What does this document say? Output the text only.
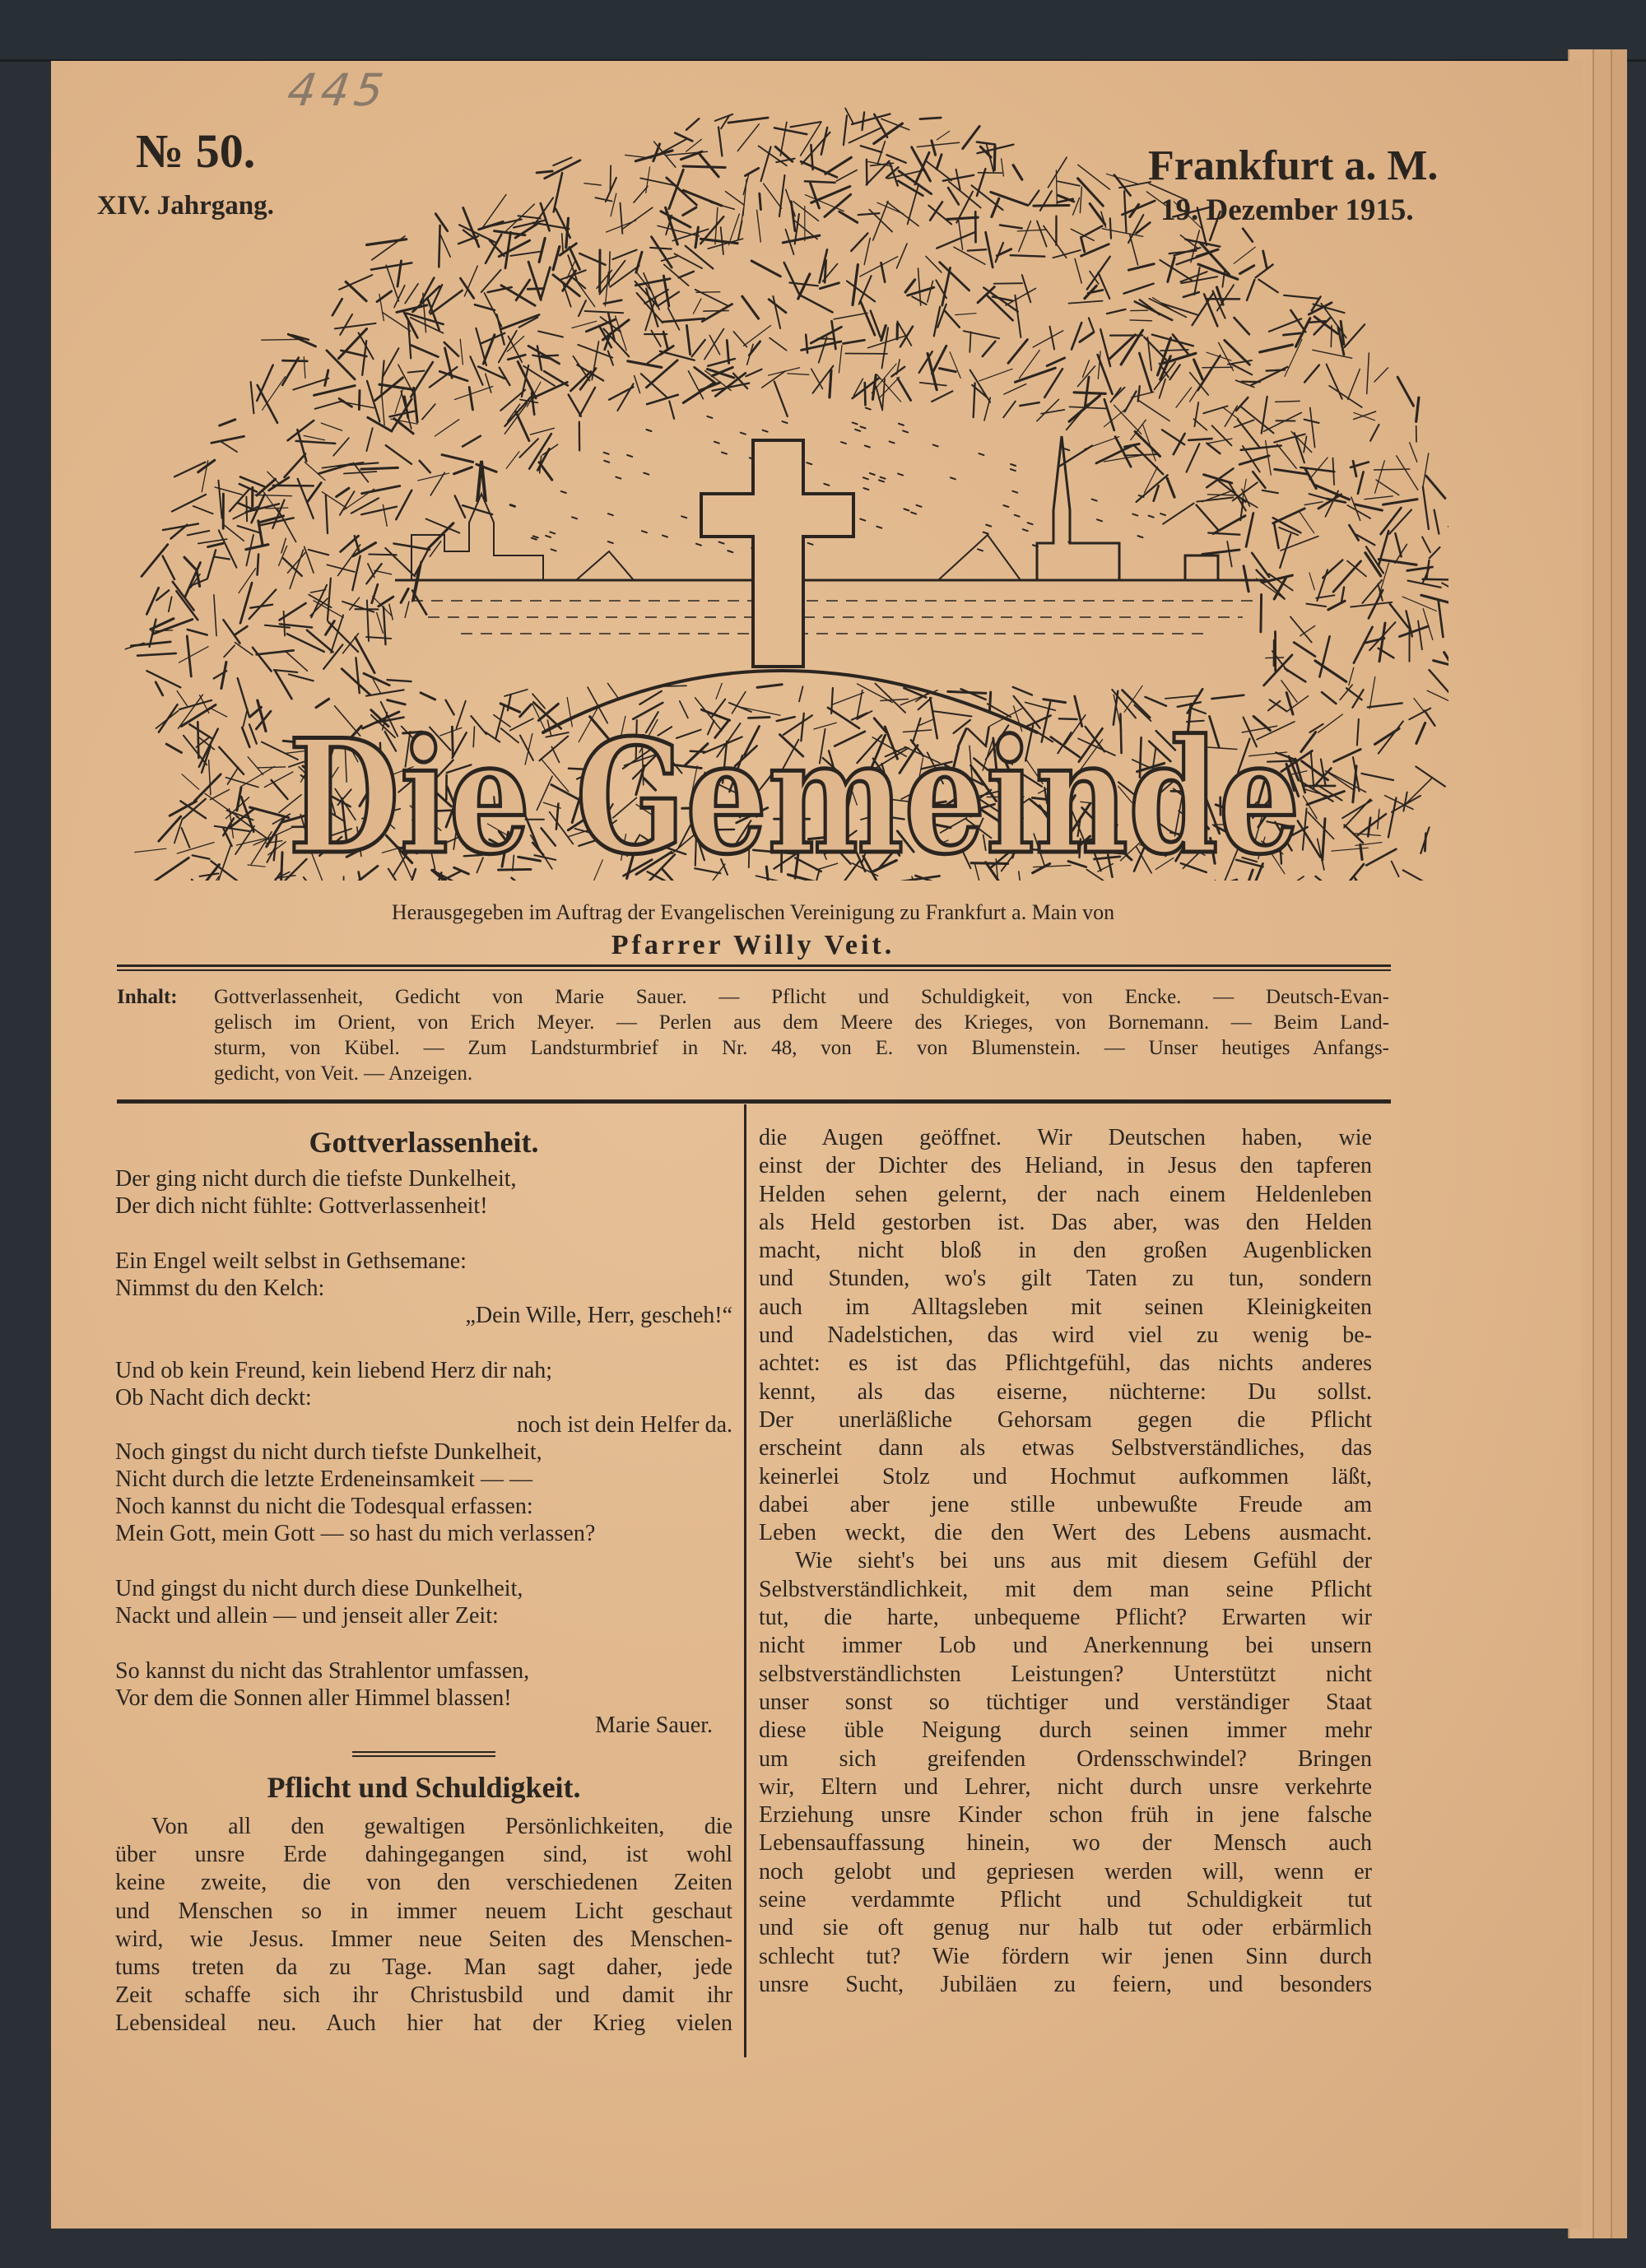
445
№ 50.
XIV. Jahrgang.
Frankfurt a. M.
19. Dezember 1915.
Die Gemeinde
Herausgegeben im Auftrag der Evangelischen Vereinigung zu Frankfurt a. Main von
Pfarrer Willy Veit.
Inhalt: Gottverlassenheit, Gedicht von Marie Sauer. — Pflicht und Schuldigkeit, von Encke. — Deutsch-Evan-
gelisch im Orient, von Erich Meyer. — Perlen aus dem Meere des Krieges, von Bornemann. — Beim Land-
sturm, von Kübel. — Zum Landsturmbrief in Nr. 48, von E. von Blumenstein. — Unser heutiges Anfangs-
gedicht, von Veit. — Anzeigen.
Gottverlassenheit.
Der ging nicht durch die tiefste Dunkelheit,
Der dich nicht fühlte: Gottverlassenheit!
Ein Engel weilt selbst in Gethsemane:
Nimmst du den Kelch:
„Dein Wille, Herr, gescheh!“
Und ob kein Freund, kein liebend Herz dir nah;
Ob Nacht dich deckt:
noch ist dein Helfer da.
Noch gingst du nicht durch tiefste Dunkelheit,
Nicht durch die letzte Erdeneinsamkeit — —
Noch kannst du nicht die Todesqual erfassen:
Mein Gott, mein Gott — so hast du mich verlassen?
Und gingst du nicht durch diese Dunkelheit,
Nackt und allein — und jenseit aller Zeit:
So kannst du nicht das Strahlentor umfassen,
Vor dem die Sonnen aller Himmel blassen!
Marie Sauer.
Pflicht und Schuldigkeit.
Von all den gewaltigen Persönlichkeiten, die
über unsre Erde dahingegangen sind, ist wohl
keine zweite, die von den verschiedenen Zeiten
und Menschen so in immer neuem Licht geschaut
wird, wie Jesus. Immer neue Seiten des Menschen-
tums treten da zu Tage. Man sagt daher, jede
Zeit schaffe sich ihr Christusbild und damit ihr
Lebensideal neu. Auch hier hat der Krieg vielen
die Augen geöffnet. Wir Deutschen haben, wie
einst der Dichter des Heliand, in Jesus den tapferen
Helden sehen gelernt, der nach einem Heldenleben
als Held gestorben ist. Das aber, was den Helden
macht, nicht bloß in den großen Augenblicken
und Stunden, wo's gilt Taten zu tun, sondern
auch im Alltagsleben mit seinen Kleinigkeiten
und Nadelstichen, das wird viel zu wenig be-
achtet: es ist das Pflichtgefühl, das nichts anderes
kennt, als das eiserne, nüchterne: Du sollst.
Der unerläßliche Gehorsam gegen die Pflicht
erscheint dann als etwas Selbstverständliches, das
keinerlei Stolz und Hochmut aufkommen läßt,
dabei aber jene stille unbewußte Freude am
Leben weckt, die den Wert des Lebens ausmacht.
Wie sieht's bei uns aus mit diesem Gefühl der
Selbstverständlichkeit, mit dem man seine Pflicht
tut, die harte, unbequeme Pflicht? Erwarten wir
nicht immer Lob und Anerkennung bei unsern
selbstverständlichsten Leistungen? Unterstützt nicht
unser sonst so tüchtiger und verständiger Staat
diese üble Neigung durch seinen immer mehr
um sich greifenden Ordensschwindel? Bringen
wir, Eltern und Lehrer, nicht durch unsre verkehrte
Erziehung unsre Kinder schon früh in jene falsche
Lebensauffassung hinein, wo der Mensch auch
noch gelobt und gepriesen werden will, wenn er
seine verdammte Pflicht und Schuldigkeit tut
und sie oft genug nur halb tut oder erbärmlich
schlecht tut? Wie fördern wir jenen Sinn durch
unsre Sucht, Jubiläen zu feiern, und besonders
